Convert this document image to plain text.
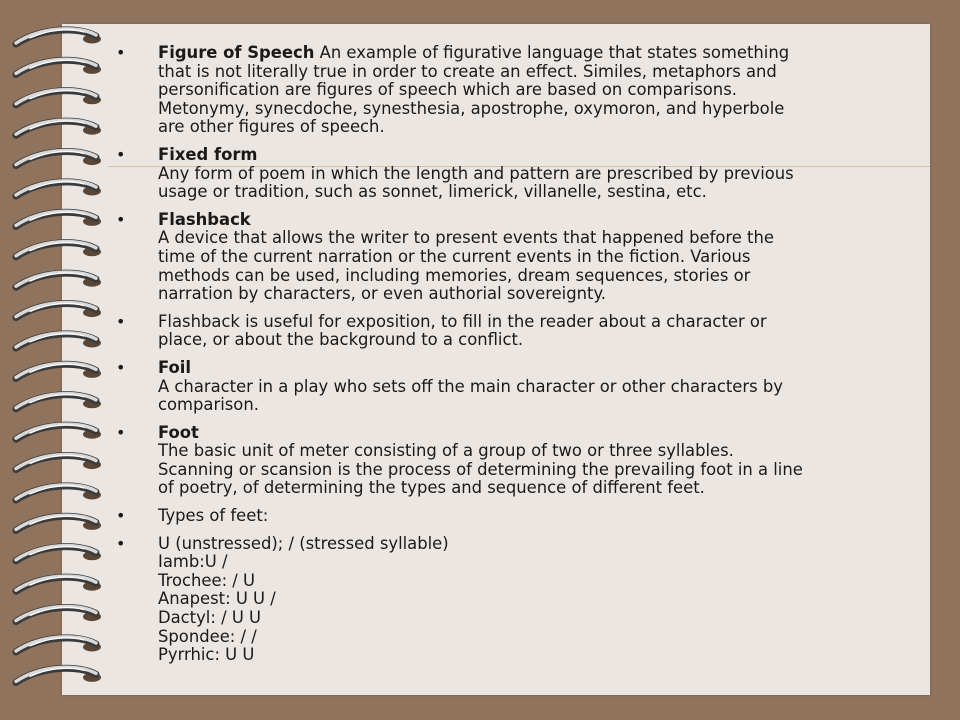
• Figure of Speech An example of figurative language that states something
that is not literally true in order to create an effect. Similes, metaphors and
personification are figures of speech which are based on comparisons.
Metonymy, synecdoche, synesthesia, apostrophe, oxymoron, and hyperbole
are other figures of speech.
• Fixed form
Any form of poem in which the length and pattern are prescribed by previous
usage or tradition, such as sonnet, limerick, villanelle, sestina, etc.
• Flashback
A device that allows the writer to present events that happened before the
time of the current narration or the current events in the fiction. Various
methods can be used, including memories, dream sequences, stories or
narration by characters, or even authorial sovereignty.
• Flashback is useful for exposition, to fill in the reader about a character or
place, or about the background to a conflict.
• Foil
A character in a play who sets off the main character or other characters by
comparison.
• Foot
The basic unit of meter consisting of a group of two or three syllables.
Scanning or scansion is the process of determining the prevailing foot in a line
of poetry, of determining the types and sequence of different feet.
• Types of feet:
• U (unstressed); / (stressed syllable)
Iamb:U /
Trochee: / U
Anapest: U U /
Dactyl: / U U
Spondee: / /
Pyrrhic: U U
